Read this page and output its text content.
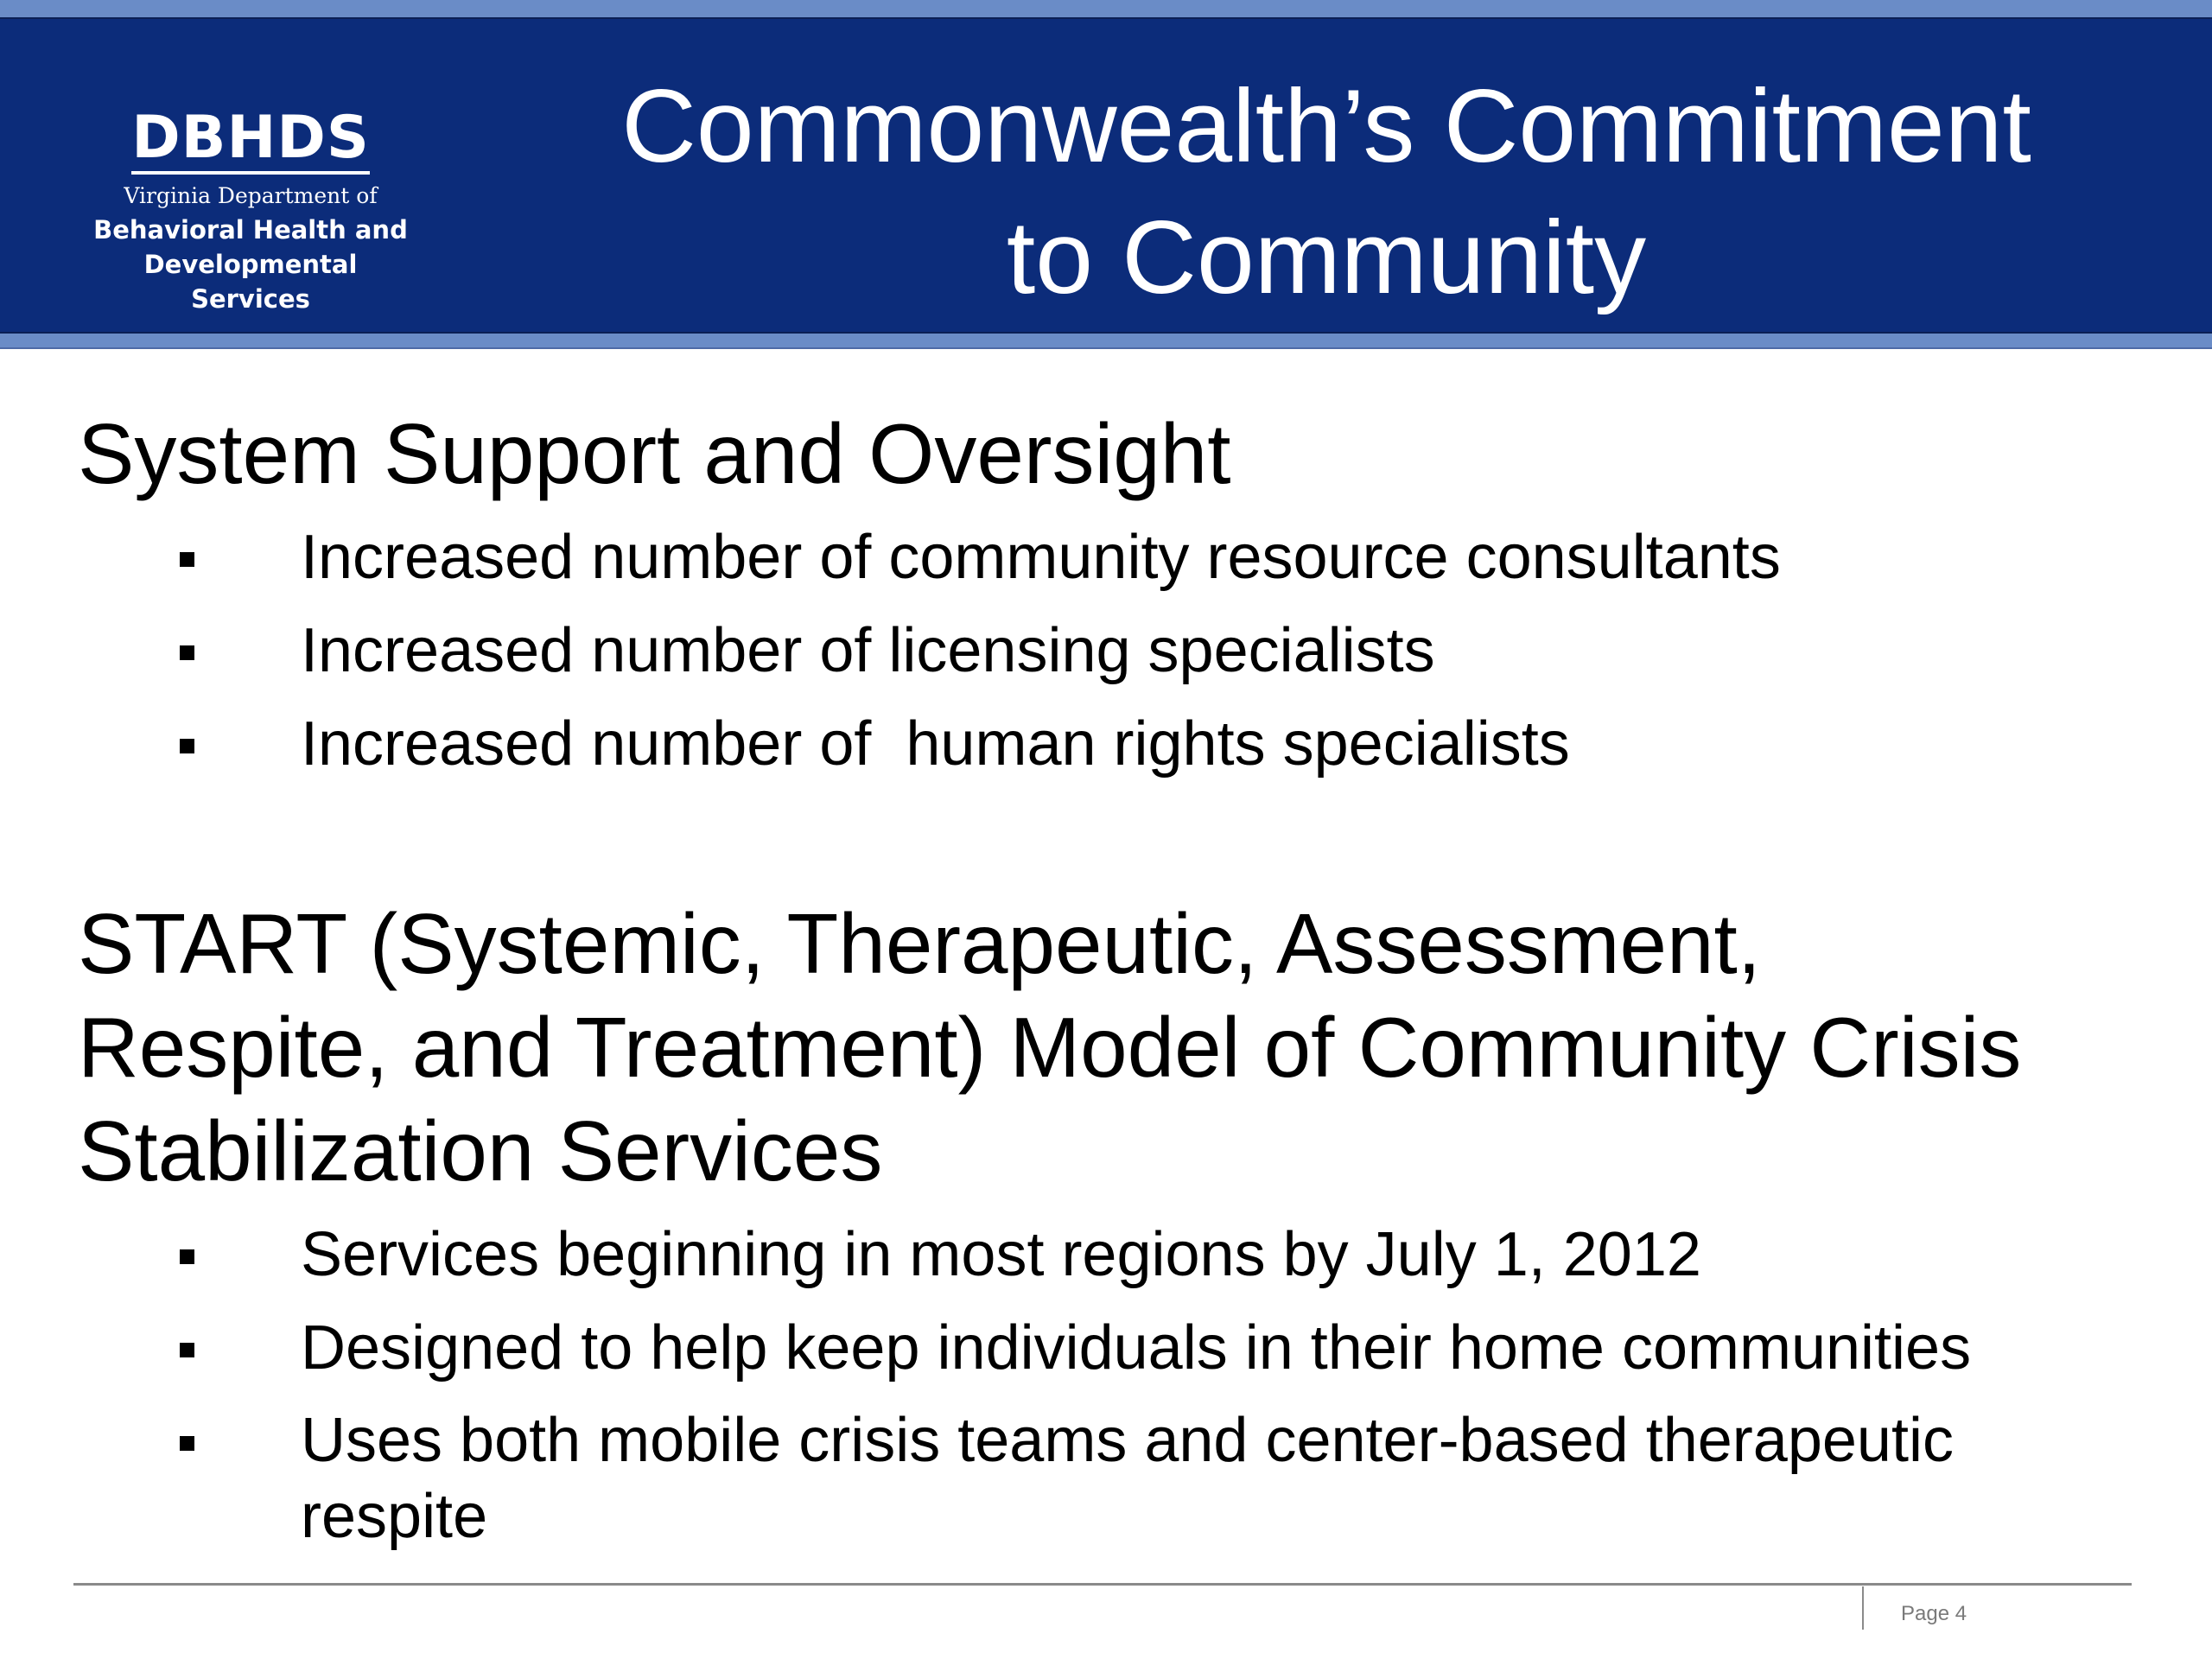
DBHDS
Virginia Department of
Behavioral Health and
Developmental Services
Commonwealth’s Commitment
to Community
System Support and Oversight
Increased number of community resource consultants
Increased number of licensing specialists
Increased number of  human rights specialists
START (Systemic, Therapeutic, Assessment,
Respite, and Treatment) Model of Community Crisis
Stabilization Services
Services beginning in most regions by July 1, 2012
Designed to help keep individuals in their home communities
Uses both mobile crisis teams and center-based therapeutic respite
Page 4
